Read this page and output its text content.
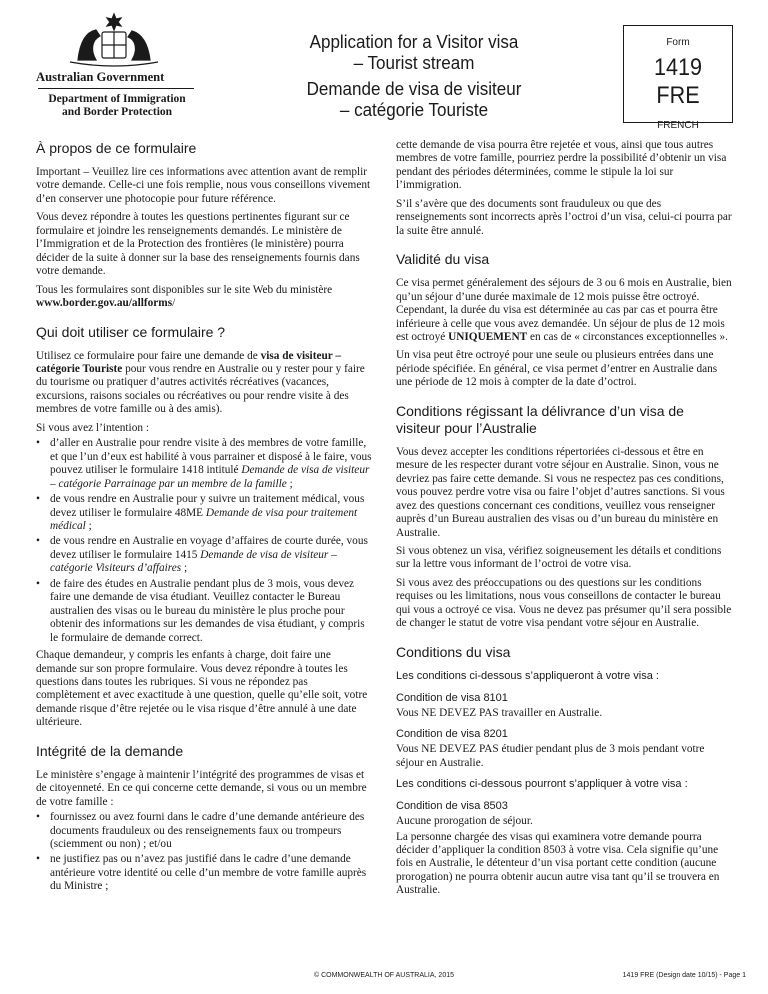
Australian Government
Department of Immigration and Border Protection
Application for a Visitor visa – Tourist stream
Demande de visa de visiteur – catégorie Touriste
Form
1419 FRE
FRENCH
À propos de ce formulaire

Important – Veuillez lire ces informations avec attention avant de remplir votre demande. Celle-ci une fois remplie, nous vous conseillons vivement d’en conserver une photocopie pour future référence.

Vous devez répondre à toutes les questions pertinentes figurant sur ce formulaire et joindre les renseignements demandés. Le ministère de l’Immigration et de la Protection des frontières (le ministère) pourra décider de la suite à donner sur la base des renseignements fournis dans votre demande.

Tous les formulaires sont disponibles sur le site Web du ministère www.border.gov.au/allforms/

Qui doit utiliser ce formulaire ?

Utilisez ce formulaire pour faire une demande de visa de visiteur – catégorie Touriste pour vous rendre en Australie ou y rester pour y faire du tourisme ou pratiquer d’autres activités récréatives (vacances, excursions, raisons sociales ou récréatives ou pour rendre visite à des membres de votre famille ou à des amis).

Si vous avez l’intention :

• d’aller en Australie pour rendre visite à des membres de votre famille, et que l’un d’eux est habilité à vous parrainer et disposé à le faire, vous pouvez utiliser le formulaire 1418 intitulé Demande de visa de visiteur – catégorie Parrainage par un membre de la famille ;
• de vous rendre en Australie pour y suivre un traitement médical, vous devez utiliser le formulaire 48ME Demande de visa pour traitement médical ;
• de vous rendre en Australie en voyage d’affaires de courte durée, vous devez utiliser le formulaire 1415 Demande de visa de visiteur – catégorie Visiteurs d’affaires ;
• de faire des études en Australie pendant plus de 3 mois, vous devez faire une demande de visa étudiant. Veuillez contacter le Bureau australien des visas ou le bureau du ministère le plus proche pour obtenir des informations sur les demandes de visa étudiant, y compris le formulaire de demande correct.

Chaque demandeur, y compris les enfants à charge, doit faire une demande sur son propre formulaire. Vous devez répondre à toutes les questions dans toutes les rubriques. Si vous ne répondez pas complètement et avec exactitude à une question, quelle qu’elle soit, votre demande risque d’être rejetée ou le visa risque d’être annulé à une date ultérieure.

Intégrité de la demande

Le ministère s’engage à maintenir l’intégrité des programmes de visas et de citoyenneté. En ce qui concerne cette demande, si vous ou un membre de votre famille :

• fournissez ou avez fourni dans le cadre d’une demande antérieure des documents frauduleux ou des renseignements faux ou trompeurs (sciemment ou non) ; et/ou
• ne justifiez pas ou n’avez pas justifié dans le cadre d’une demande antérieure votre identité ou celle d’un membre de votre famille auprès du Ministre ;

cette demande de visa pourra être rejetée et vous, ainsi que tous autres membres de votre famille, pourriez perdre la possibilité d’obtenir un visa pendant des périodes déterminées, comme le stipule la loi sur l’immigration.

S’il s’avère que des documents sont frauduleux ou que des renseignements sont incorrects après l’octroi d’un visa, celui-ci pourra par la suite être annulé.

Validité du visa

Ce visa permet généralement des séjours de 3 ou 6 mois en Australie, bien qu’un séjour d’une durée maximale de 12 mois puisse être octroyé. Cependant, la durée du visa est déterminée au cas par cas et pourra être inférieure à celle que vous avez demandée. Un séjour de plus de 12 mois est octroyé UNIQUEMENT en cas de « circonstances exceptionnelles ».

Un visa peut être octroyé pour une seule ou plusieurs entrées dans une période spécifiée. En général, ce visa permet d’entrer en Australie dans une période de 12 mois à compter de la date d’octroi.

Conditions régissant la délivrance d’un visa de visiteur pour l’Australie

Vous devez accepter les conditions répertoriées ci-dessous et être en mesure de les respecter durant votre séjour en Australie. Sinon, vous ne devriez pas faire cette demande. Si vous ne respectez pas ces conditions, vous pouvez perdre votre visa ou faire l’objet d’autres sanctions. Si vous avez des questions concernant ces conditions, veuillez vous renseigner auprès d’un Bureau australien des visas ou d’un bureau du ministère en Australie.

Si vous obtenez un visa, vérifiez soigneusement les détails et conditions sur la lettre vous informant de l’octroi de votre visa.

Si vous avez des préoccupations ou des questions sur les conditions requises ou les limitations, nous vous conseillons de contacter le bureau qui vous a octroyé ce visa. Vous ne devez pas présumer qu’il sera possible de changer le statut de votre visa pendant votre séjour en Australie.

Conditions du visa
Les conditions ci-dessous s’appliqueront à votre visa :
Condition de visa 8101

Vous NE DEVEZ PAS travailler en Australie.

Condition de visa 8201

Vous NE DEVEZ PAS étudier pendant plus de 3 mois pendant votre séjour en Australie.

Les conditions ci-dessous pourront s’appliquer à votre visa :
Condition de visa 8503

Aucune prorogation de séjour.

La personne chargée des visas qui examinera votre demande pourra décider d’appliquer la condition 8503 à votre visa. Cela signifie qu’une fois en Australie, le détenteur d’un visa portant cette condition (aucune prorogation) ne pourra obtenir aucun autre visa tant qu’il se trouvera en Australie.

© COMMONWEALTH OF AUSTRALIA, 2015	1419 FRE (Design date 10/15) - Page 1
